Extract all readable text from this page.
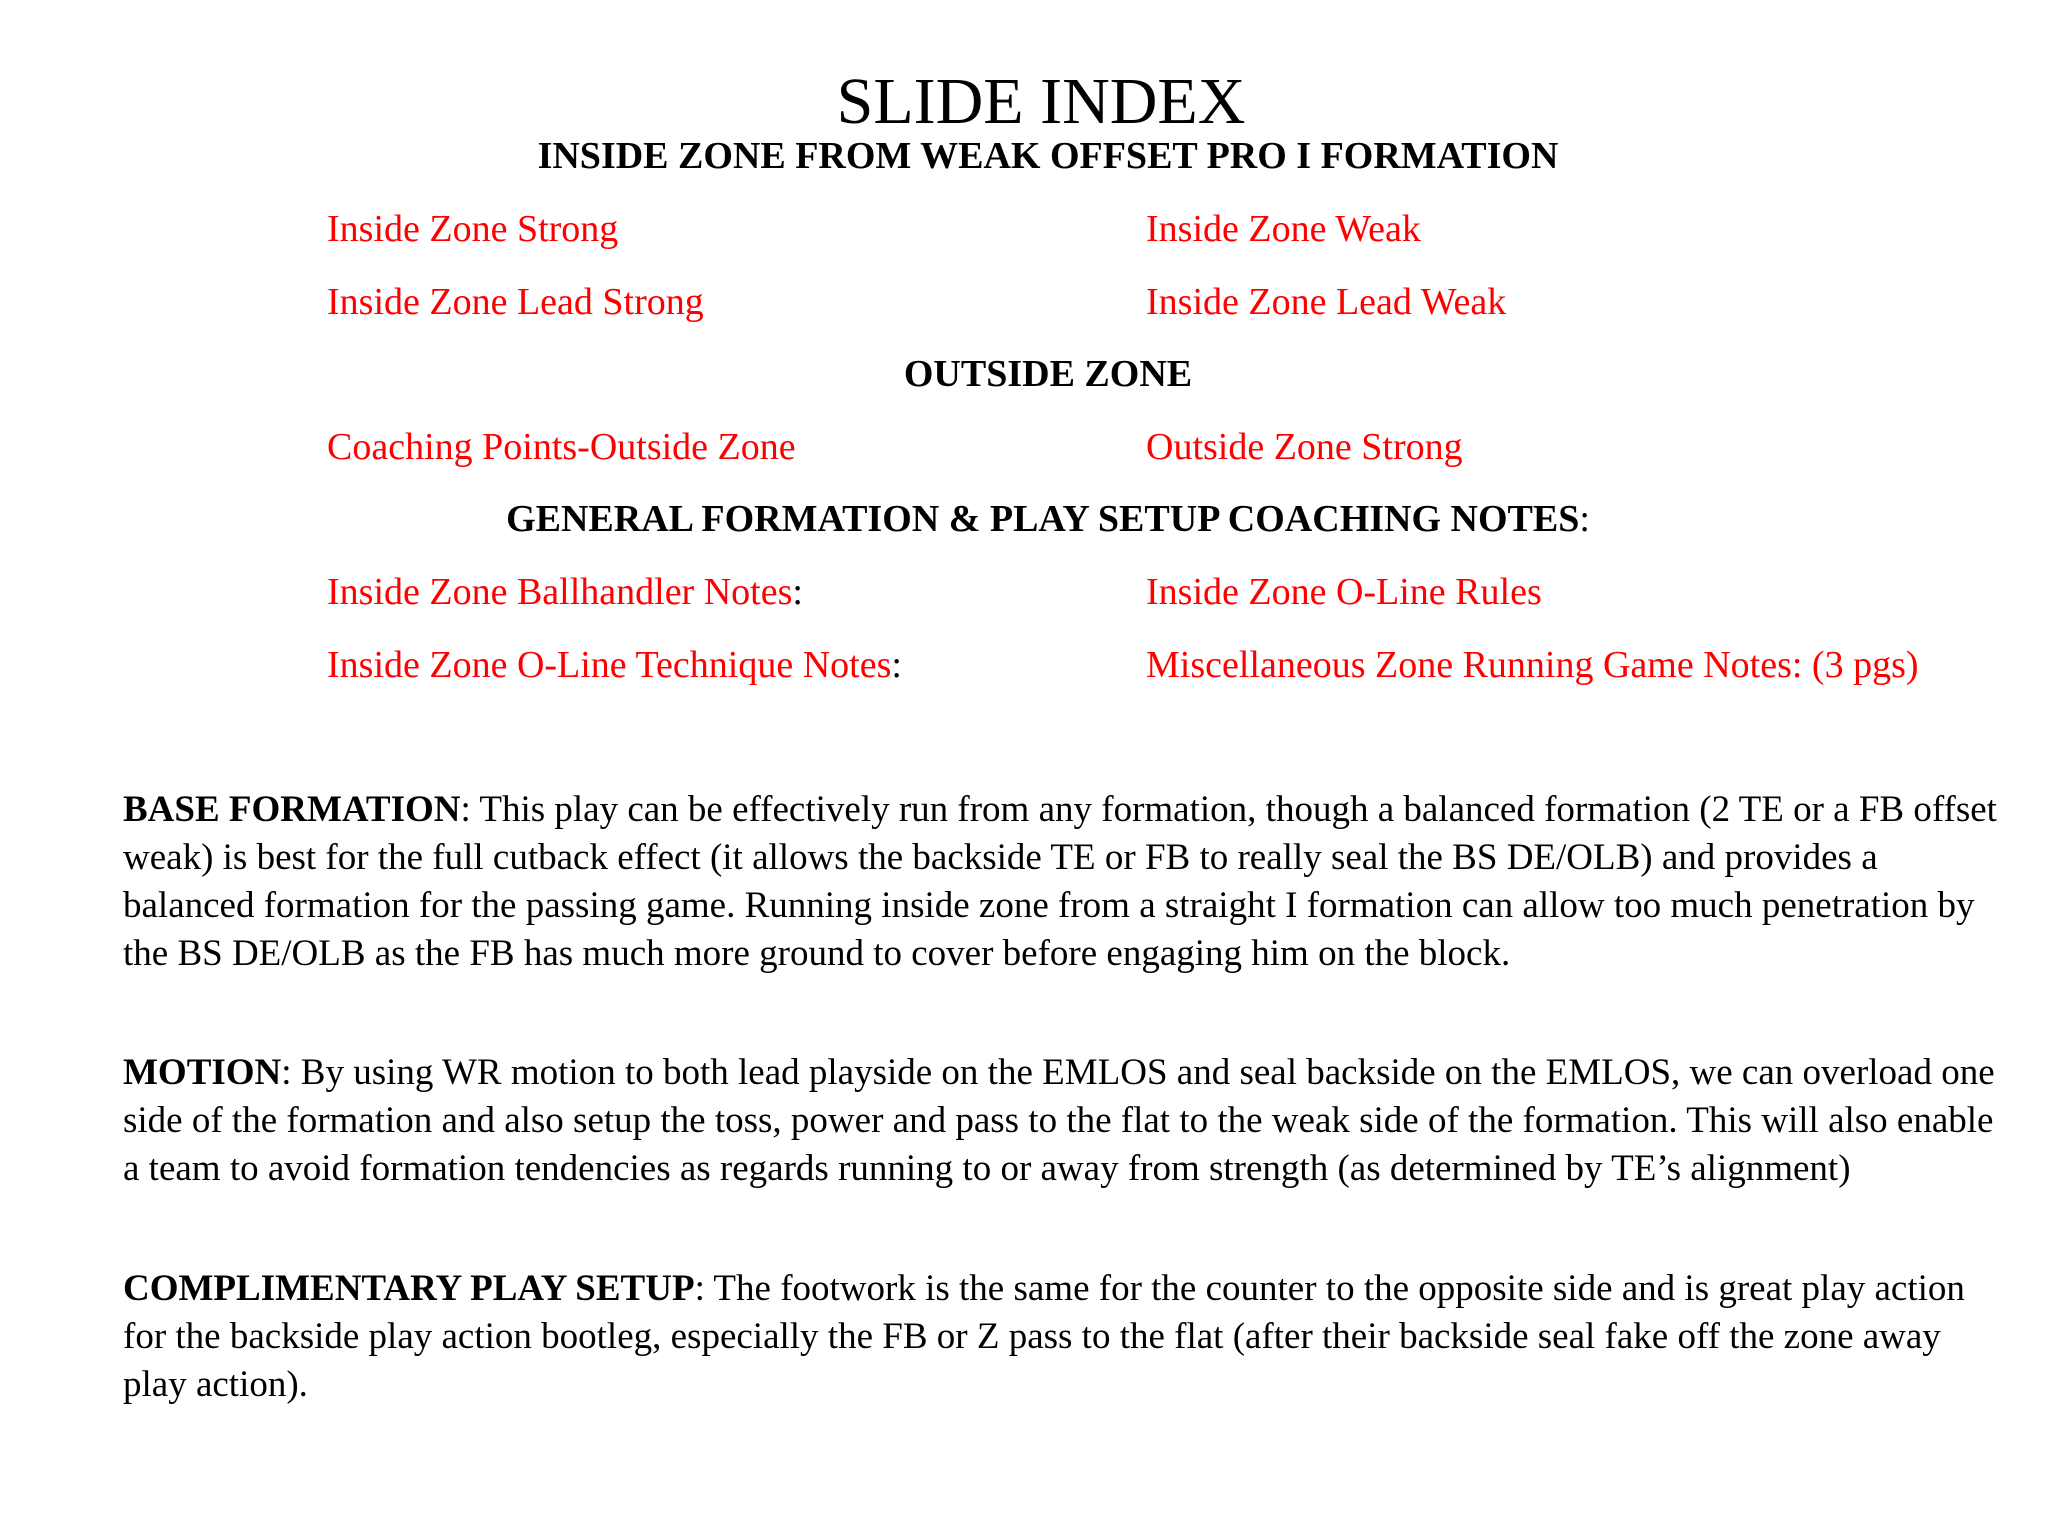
SLIDE INDEX
INSIDE ZONE FROM WEAK OFFSET PRO I FORMATION
Inside Zone Strong	Inside Zone Weak
Inside Zone Lead Strong	Inside Zone Lead Weak
OUTSIDE ZONE
Coaching Points-Outside Zone	Outside Zone Strong
GENERAL FORMATION & PLAY SETUP COACHING NOTES:
Inside Zone Ballhandler Notes:	Inside Zone O-Line Rules
Inside Zone O-Line Technique Notes:	Miscellaneous Zone Running Game Notes: (3 pgs)

BASE FORMATION: This play can be effectively run from any formation, though a balanced formation (2 TE or a FB offset weak) is best for the full cutback effect (it allows the backside TE or FB to really seal the BS DE/OLB) and provides a balanced formation for the passing game. Running inside zone from a straight I formation can allow too much penetration by the BS DE/OLB as the FB has much more ground to cover before engaging him on the block.

MOTION: By using WR motion to both lead playside on the EMLOS and seal backside on the EMLOS, we can overload one side of the formation and also setup the toss, power and pass to the flat to the weak side of the formation. This will also enable a team to avoid formation tendencies as regards running to or away from strength (as determined by TE’s alignment)

COMPLIMENTARY PLAY SETUP: The footwork is the same for the counter to the opposite side and is great play action for the backside play action bootleg, especially the FB or Z pass to the flat (after their backside seal fake off the zone away play action).
